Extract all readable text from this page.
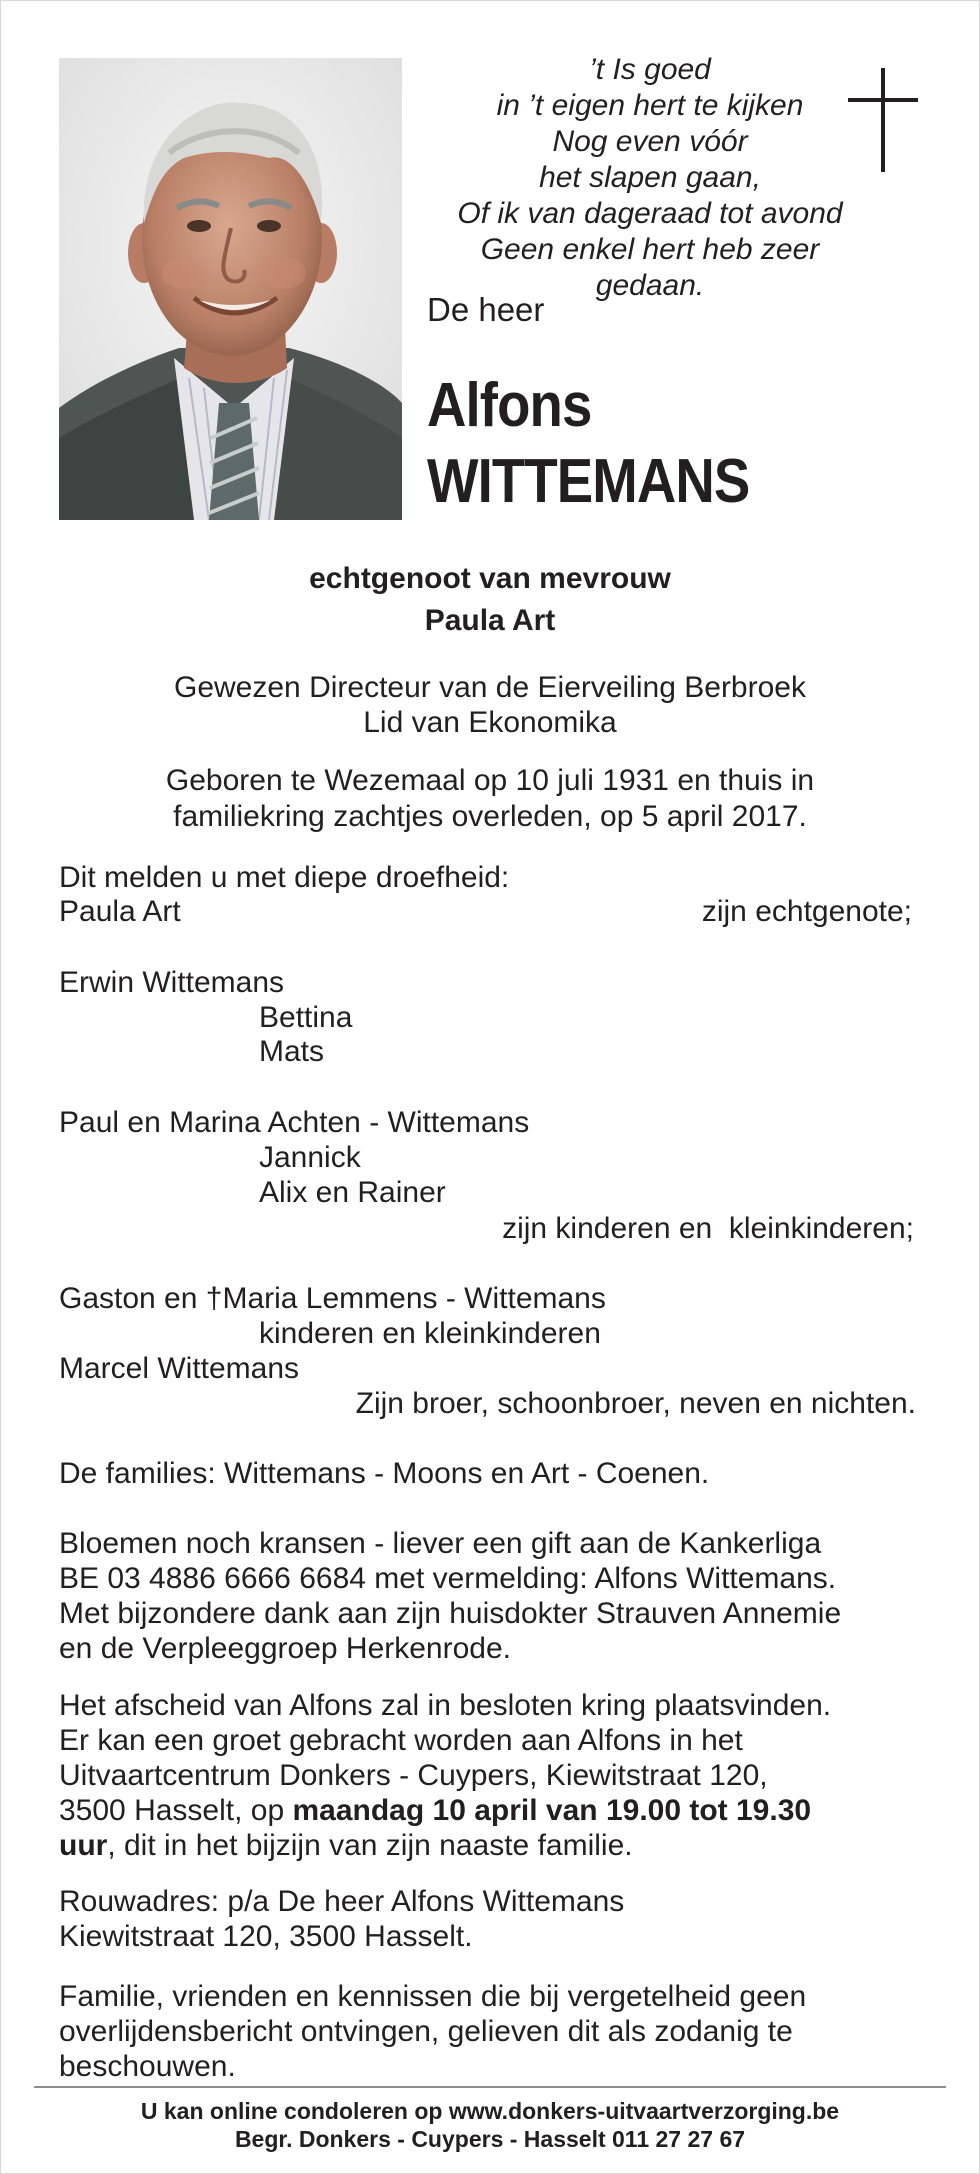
’t Is goed
in ’t eigen hert te kijken
Nog even vóór
het slapen gaan,
Of ik van dageraad tot avond
Geen enkel hert heb zeer gedaan.
De heer
Alfons
WITTEMANS
echtgenoot van mevrouw
Paula Art
Gewezen Directeur van de Eierveiling Berbroek
Lid van Ekonomika
Geboren te Wezemaal op 10 juli 1931 en thuis in
familiekring zachtjes overleden, op 5 april 2017.
Dit melden u met diepe droefheid:
Paula Art	zijn echtgenote;
Erwin Wittemans
Bettina
Mats
Paul en Marina Achten - Wittemans
Jannick
Alix en Rainer
zijn kinderen en  kleinkinderen;
Gaston en †Maria Lemmens - Wittemans
kinderen en kleinkinderen
Marcel Wittemans
Zijn broer, schoonbroer, neven en nichten.
De families: Wittemans - Moons en Art - Coenen.
Bloemen noch kransen - liever een gift aan de Kankerliga
BE 03 4886 6666 6684 met vermelding: Alfons Wittemans.
Met bijzondere dank aan zijn huisdokter Strauven Annemie
en de Verpleeggroep Herkenrode.
Het afscheid van Alfons zal in besloten kring plaatsvinden.
Er kan een groet gebracht worden aan Alfons in het
Uitvaartcentrum Donkers - Cuypers, Kiewitstraat 120,
3500 Hasselt, op maandag 10 april van 19.00 tot 19.30
uur, dit in het bijzijn van zijn naaste familie.
Rouwadres: p/a De heer Alfons Wittemans
Kiewitstraat 120, 3500 Hasselt.
Familie, vrienden en kennissen die bij vergetelheid geen
overlijdensbericht ontvingen, gelieven dit als zodanig te
beschouwen.
U kan online condoleren op www.donkers-uitvaartverzorging.be
Begr. Donkers - Cuypers - Hasselt 011 27 27 67
